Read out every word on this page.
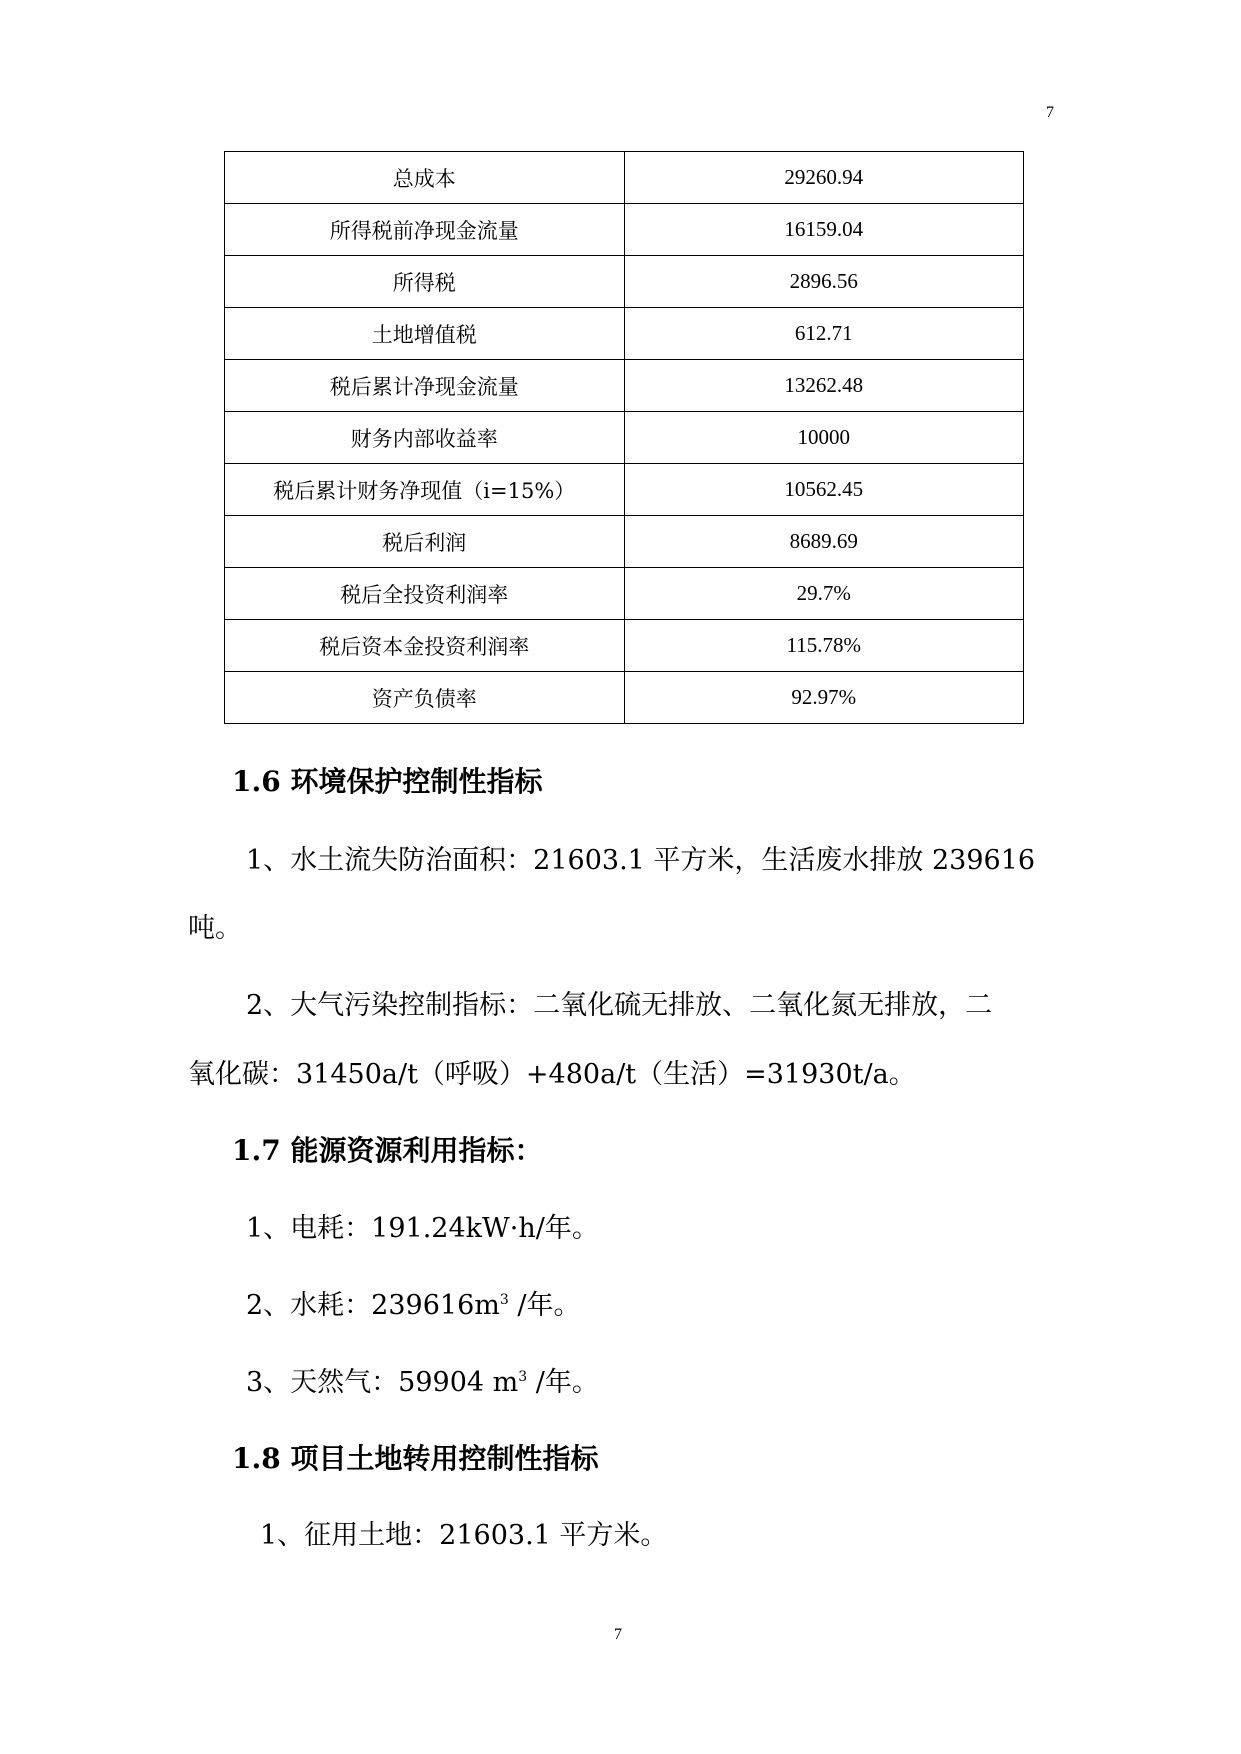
7
总成本	29260.94
所得税前净现金流量	16159.04
所得税	2896.56
土地增值税	612.71
税后累计净现金流量	13262.48
财务内部收益率	10000
税后累计财务净现值（i=15%）	10562.45
税后利润	8689.69
税后全投资利润率	29.7%
税后资本金投资利润率	115.78%
资产负债率	92.97%
1.6 环境保护控制性指标
1、水土流失防治面积：21603.1 平方米，生活废水排放 239616
吨。
2、大气污染控制指标：二氧化硫无排放、二氧化氮无排放，二
氧化碳：31450a/t（呼吸）+480a/t（生活）=31930t/a。
1.7 能源资源利用指标：
1、电耗：191.24kW·h/年。
2、水耗：$239616m^3$ /年。
3、天然气：59904 $m^3$ /年。
1.8 项目土地转用控制性指标
1、征用土地：21603.1 平方米。
7
